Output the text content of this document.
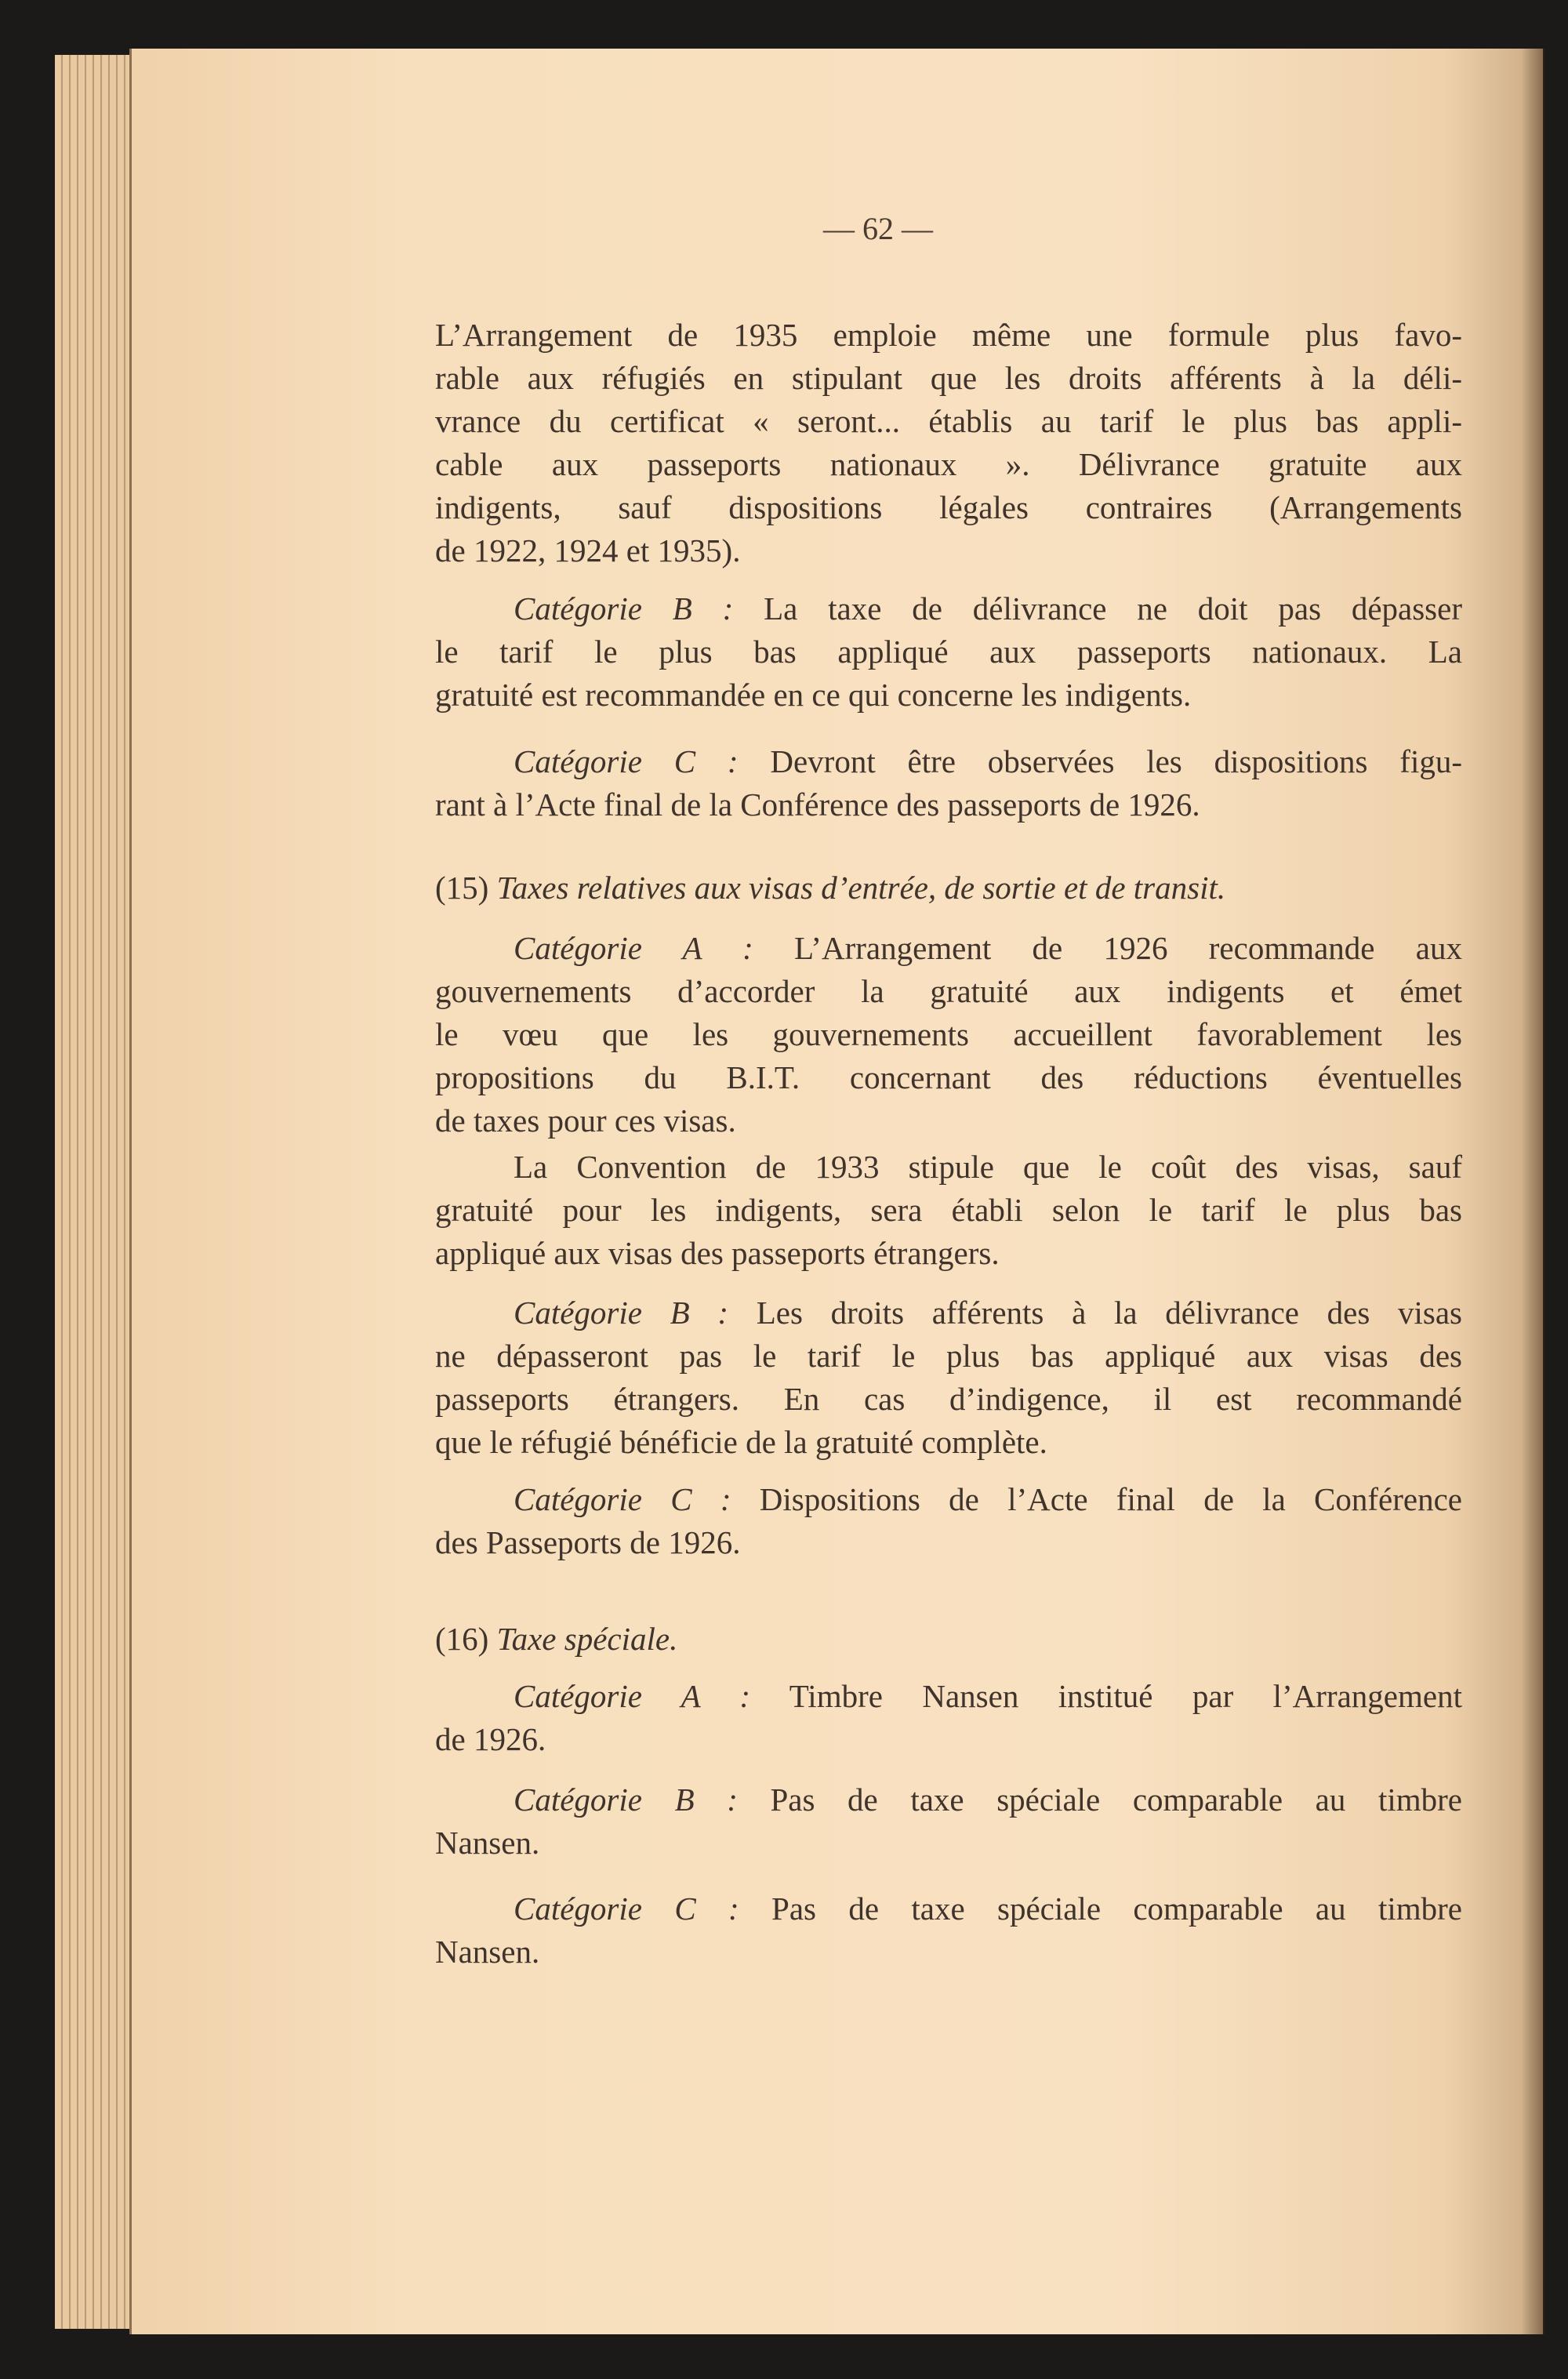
— 62 —
L’Arrangement de 1935 emploie même une formule plus favo-
rable aux réfugiés en stipulant que les droits afférents à la déli-
vrance du certificat « seront... établis au tarif le plus bas appli-
cable aux passeports nationaux ». Délivrance gratuite aux
indigents, sauf dispositions légales contraires (Arrangements
de 1922, 1924 et 1935).
Catégorie B : La taxe de délivrance ne doit pas dépasser
le tarif le plus bas appliqué aux passeports nationaux. La
gratuité est recommandée en ce qui concerne les indigents.
Catégorie C : Devront être observées les dispositions figu-
rant à l’Acte final de la Conférence des passeports de 1926.
(15) Taxes relatives aux visas d’entrée, de sortie et de transit.
Catégorie A : L’Arrangement de 1926 recommande aux
gouvernements d’accorder la gratuité aux indigents et émet
le vœu que les gouvernements accueillent favorablement les
propositions du B.I.T. concernant des réductions éventuelles
de taxes pour ces visas.
La Convention de 1933 stipule que le coût des visas, sauf
gratuité pour les indigents, sera établi selon le tarif le plus bas
appliqué aux visas des passeports étrangers.
Catégorie B : Les droits afférents à la délivrance des visas
ne dépasseront pas le tarif le plus bas appliqué aux visas des
passeports étrangers. En cas d’indigence, il est recommandé
que le réfugié bénéficie de la gratuité complète.
Catégorie C : Dispositions de l’Acte final de la Conférence
des Passeports de 1926.
(16) Taxe spéciale.
Catégorie A : Timbre Nansen institué par l’Arrangement
de 1926.
Catégorie B : Pas de taxe spéciale comparable au timbre
Nansen.
Catégorie C : Pas de taxe spéciale comparable au timbre
Nansen.
